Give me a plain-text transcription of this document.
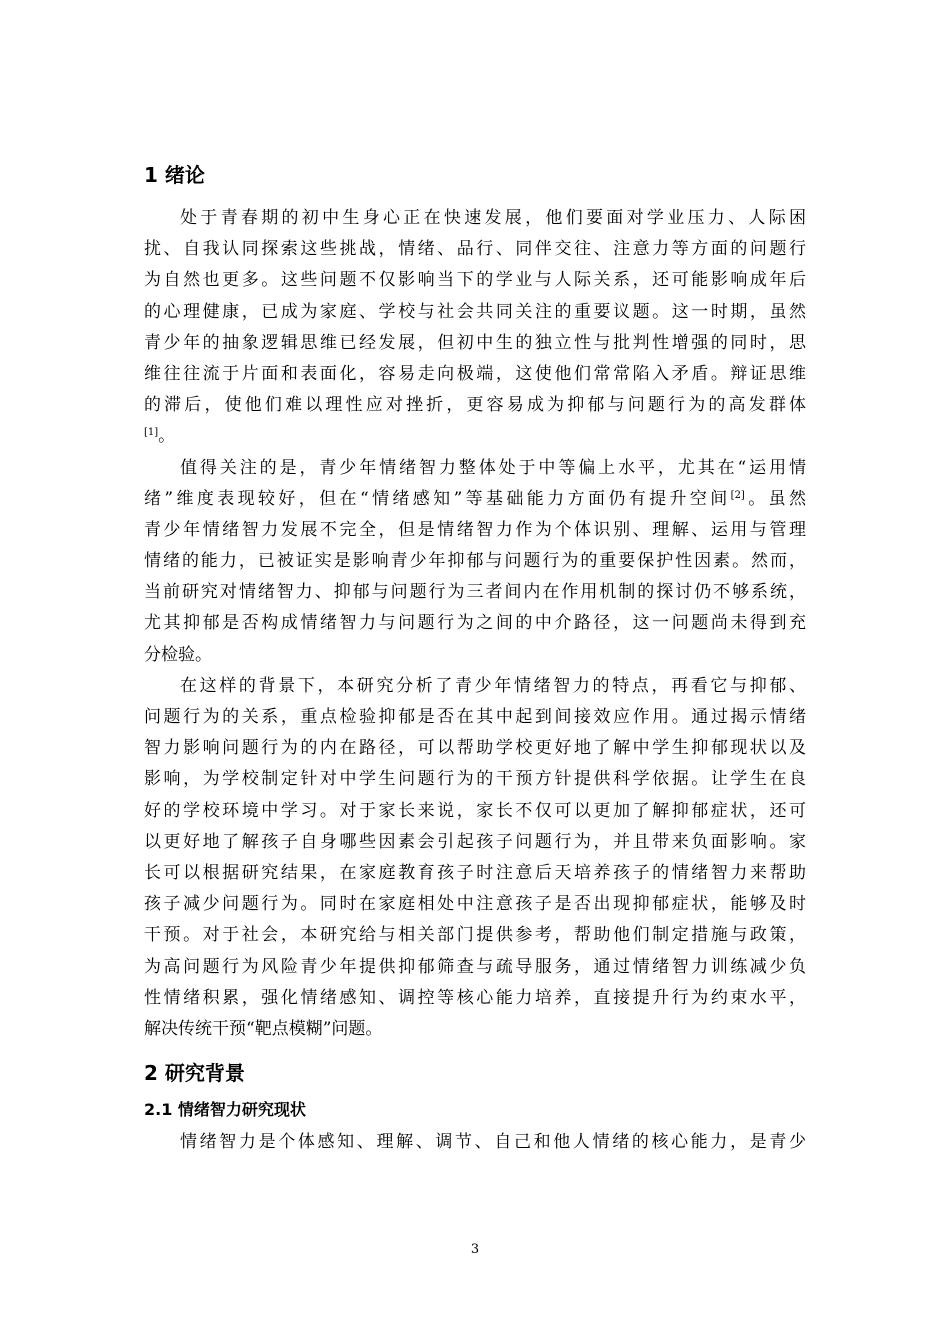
1 绪论
处于青春期的初中生身心正在快速发展，他们要面对学业压力、人际困
扰、自我认同探索这些挑战，情绪、品行、同伴交往、注意力等方面的问题行
为自然也更多。这些问题不仅影响当下的学业与人际关系，还可能影响成年后
的心理健康，已成为家庭、学校与社会共同关注的重要议题。这一时期，虽然
青少年的抽象逻辑思维已经发展，但初中生的独立性与批判性增强的同时，思
维往往流于片面和表面化，容易走向极端，这使他们常常陷入矛盾。辩证思维
的滞后，使他们难以理性应对挫折，更容易成为抑郁与问题行为的高发群体
[1]。
值得关注的是，青少年情绪智力整体处于中等偏上水平，尤其在“运用情
绪”维度表现较好，但在“情绪感知”等基础能力方面仍有提升空间[2]。虽然
青少年情绪智力发展不完全，但是情绪智力作为个体识别、理解、运用与管理
情绪的能力，已被证实是影响青少年抑郁与问题行为的重要保护性因素。然而，
当前研究对情绪智力、抑郁与问题行为三者间内在作用机制的探讨仍不够系统，
尤其抑郁是否构成情绪智力与问题行为之间的中介路径，这一问题尚未得到充
分检验。
在这样的背景下，本研究分析了青少年情绪智力的特点，再看它与抑郁、
问题行为的关系，重点检验抑郁是否在其中起到间接效应作用。通过揭示情绪
智力影响问题行为的内在路径，可以帮助学校更好地了解中学生抑郁现状以及
影响，为学校制定针对中学生问题行为的干预方针提供科学依据。让学生在良
好的学校环境中学习。对于家长来说，家长不仅可以更加了解抑郁症状，还可
以更好地了解孩子自身哪些因素会引起孩子问题行为，并且带来负面影响。家
长可以根据研究结果，在家庭教育孩子时注意后天培养孩子的情绪智力来帮助
孩子减少问题行为。同时在家庭相处中注意孩子是否出现抑郁症状，能够及时
干预。对于社会，本研究给与相关部门提供参考，帮助他们制定措施与政策，
为高问题行为风险青少年提供抑郁筛查与疏导服务，通过情绪智力训练减少负
性情绪积累，强化情绪感知、调控等核心能力培养，直接提升行为约束水平，
解决传统干预“靶点模糊”问题。
2 研究背景
2.1 情绪智力研究现状
情绪智力是个体感知、理解、调节、自己和他人情绪的核心能力，是青少
3
